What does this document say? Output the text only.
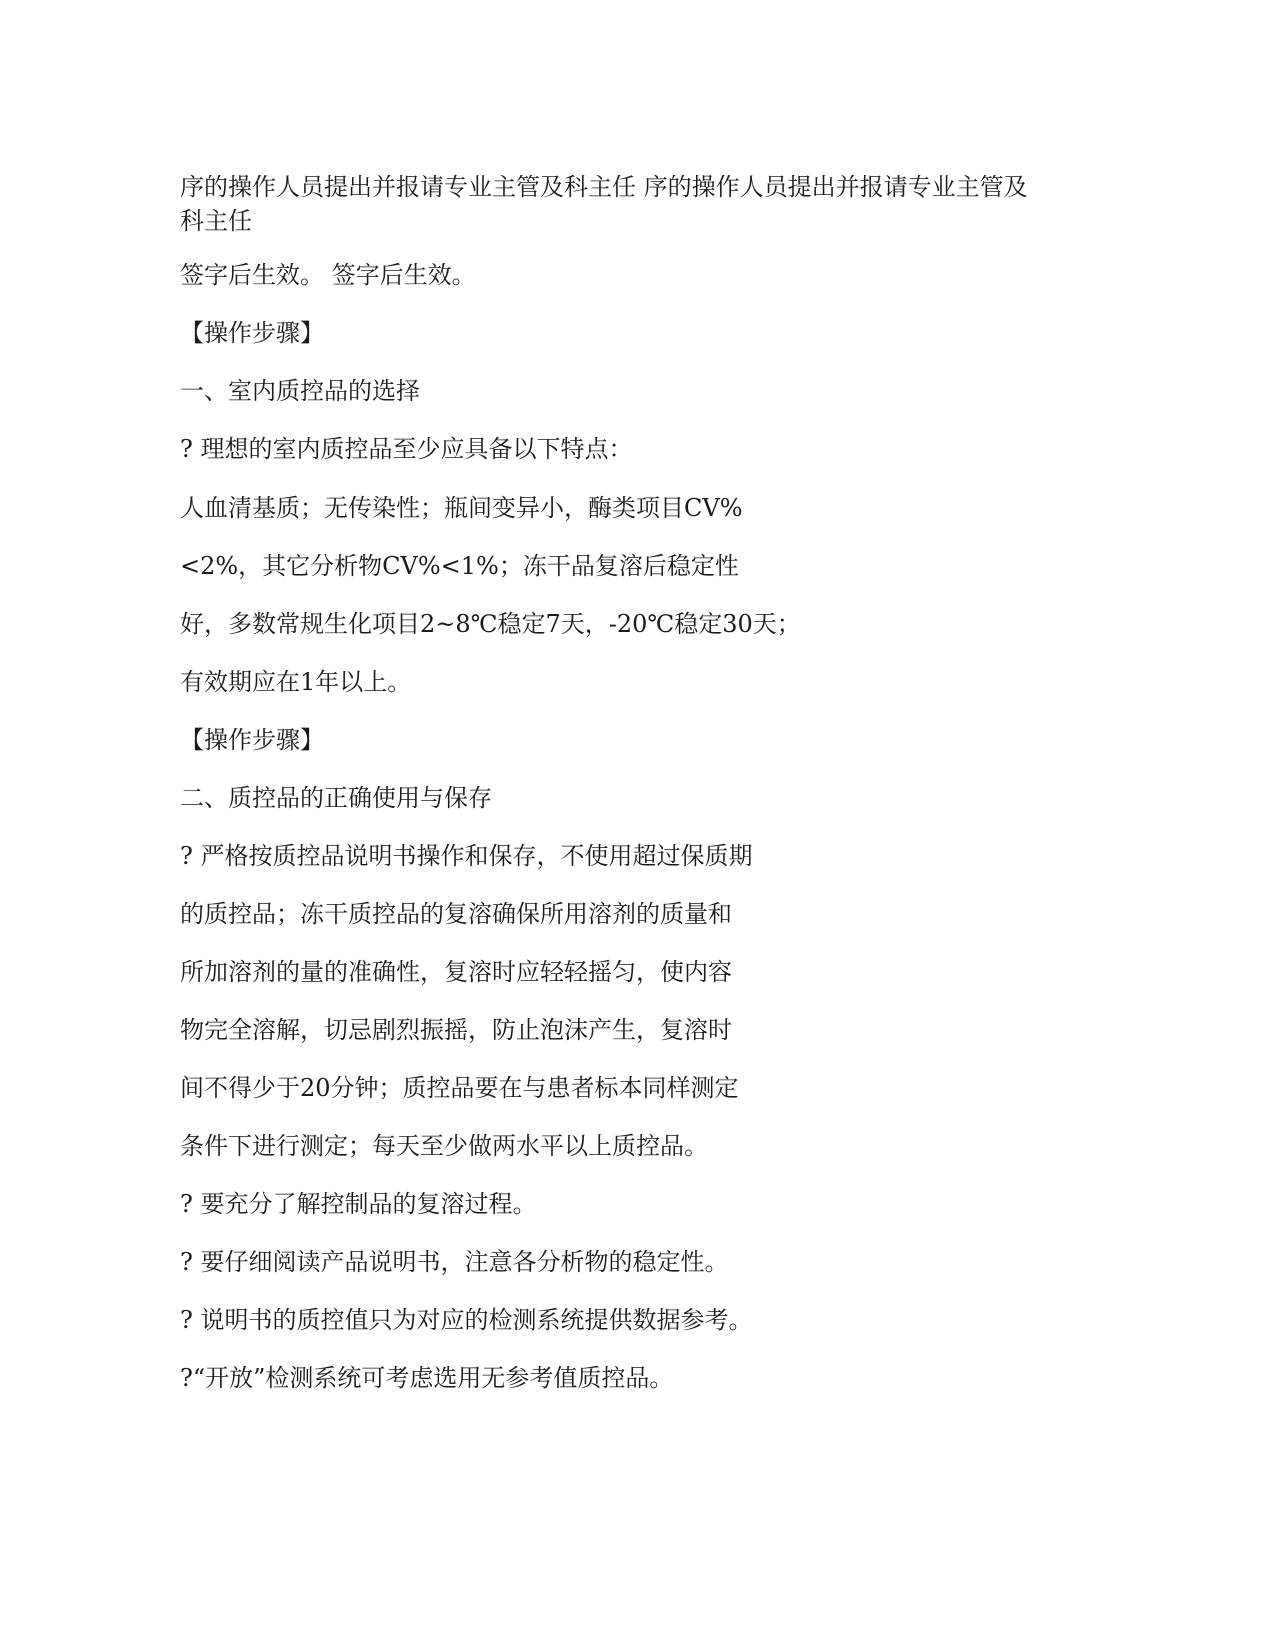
序的操作人员提出并报请专业主管及科主任 序的操作人员提出并报请专业主管及科主任

签字后生效。 签字后生效。

【操作步骤】

一、室内质控品的选择

? 理想的室内质控品至少应具备以下特点：

人血清基质；无传染性；瓶间变异小，酶类项目CV%

<2%，其它分析物CV%<1%；冻干品复溶后稳定性

好，多数常规生化项目2~8℃稳定7天，-20℃稳定30天；

有效期应在1年以上。

【操作步骤】

二、质控品的正确使用与保存

? 严格按质控品说明书操作和保存，不使用超过保质期

的质控品；冻干质控品的复溶确保所用溶剂的质量和

所加溶剂的量的准确性，复溶时应轻轻摇匀，使内容

物完全溶解，切忌剧烈振摇，防止泡沫产生，复溶时

间不得少于20分钟；质控品要在与患者标本同样测定

条件下进行测定；每天至少做两水平以上质控品。

? 要充分了解控制品的复溶过程。

? 要仔细阅读产品说明书，注意各分析物的稳定性。

? 说明书的质控值只为对应的检测系统提供数据参考。

?“开放”检测系统可考虑选用无参考值质控品。
